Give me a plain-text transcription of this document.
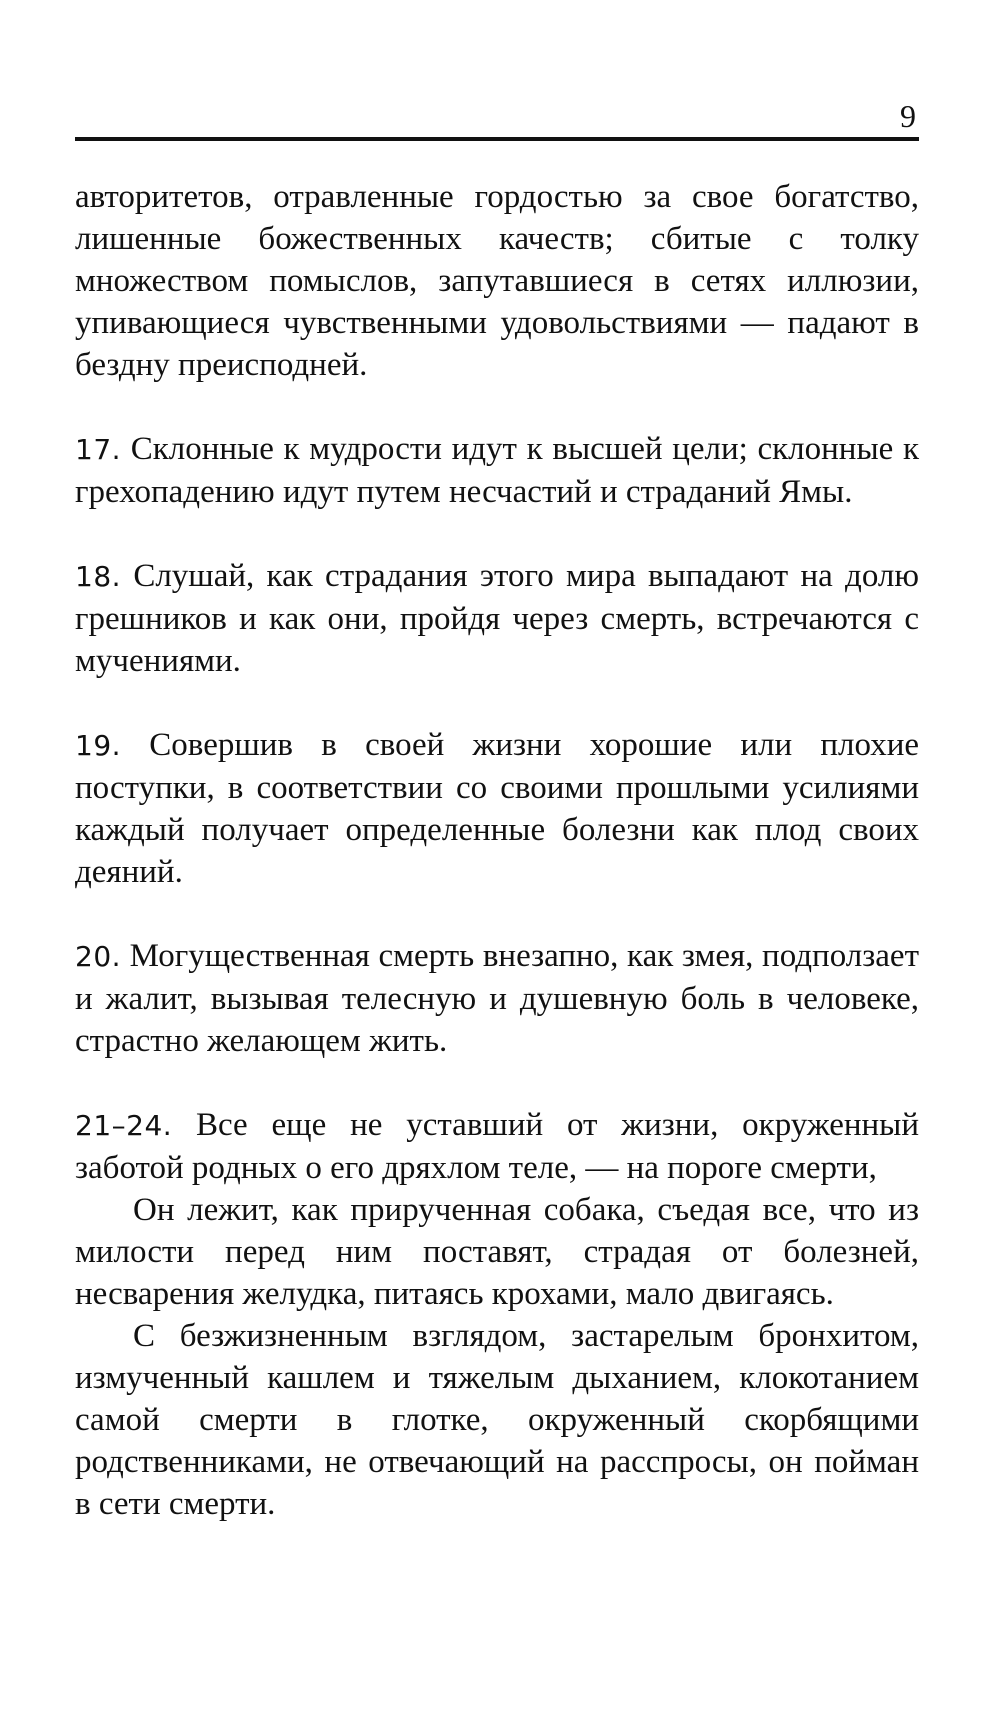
9

авторитетов, отравленные гордостью за свое богатство, лишенные божественных качеств; сбитые с толку множеством помыслов, запутавшиеся в сетях иллюзии, упивающиеся чувственными удовольствиями — падают в бездну преисподней.

17. Склонные к мудрости идут к высшей цели; склонные к грехопадению идут путем несчастий и страданий Ямы.

18. Слушай, как страдания этого мира выпадают на долю грешников и как они, пройдя через смерть, встречаются с мучениями.

19. Совершив в своей жизни хорошие или плохие поступки, в соответствии со своими прошлыми усилиями каждый получает определенные болезни как плод своих деяний.

20. Могущественная смерть внезапно, как змея, подползает и жалит, вызывая телесную и душевную боль в человеке, страстно желающем жить.

21–24. Все еще не уставший от жизни, окруженный заботой родных о его дряхлом теле, — на пороге смерти,

Он лежит, как прирученная собака, съедая все, что из милости перед ним поставят, страдая от болезней, несварения желудка, питаясь крохами, мало двигаясь.

С безжизненным взглядом, застарелым бронхитом, измученный кашлем и тяжелым дыханием, клокотанием самой смерти в глотке, окруженный скорбящими родственниками, не отвечающий на расспросы, он пойман в сети смерти.
